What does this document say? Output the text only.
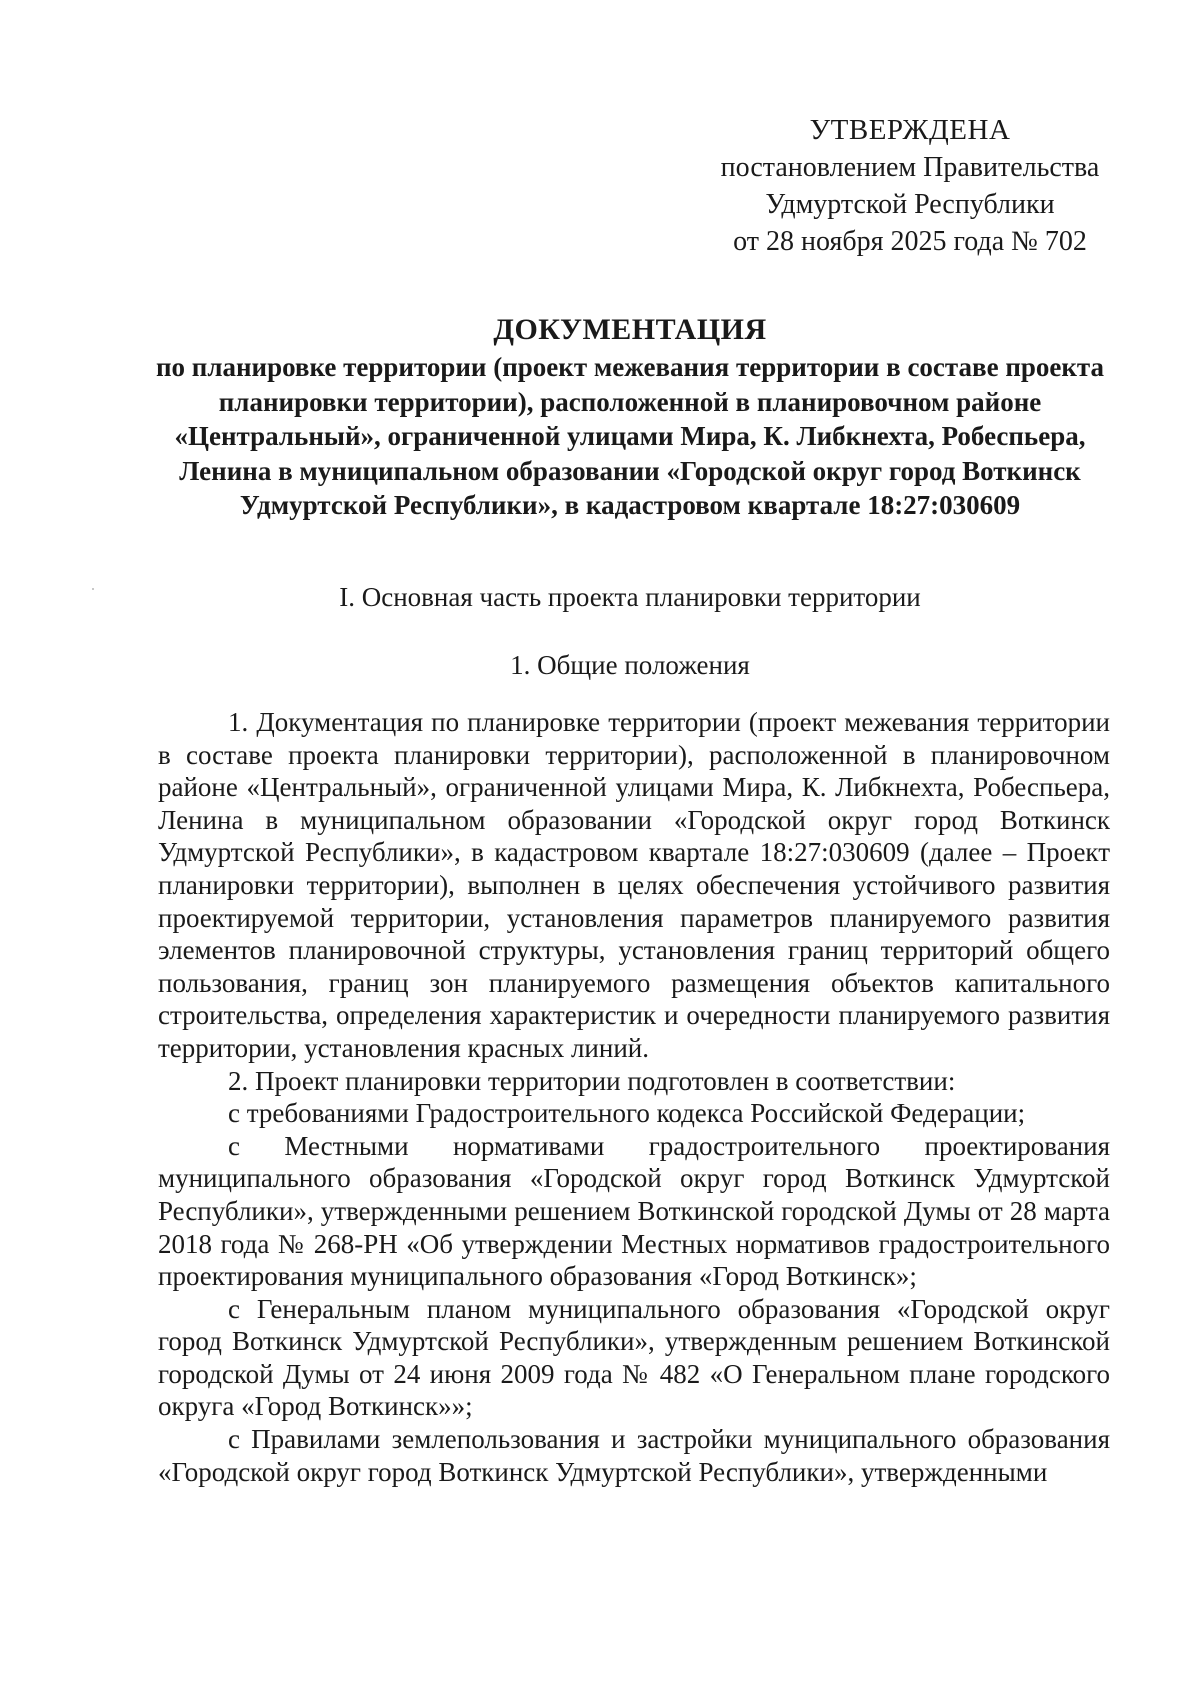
УТВЕРЖДЕНА
постановлением Правительства
Удмуртской Республики
от 28 ноября 2025 года № 702
ДОКУМЕНТАЦИЯ
по планировке территории (проект межевания территории в составе проекта планировки территории), расположенной в планировочном районе «Центральный», ограниченной улицами Мира, К. Либкнехта, Робеспьера, Ленина в муниципальном образовании «Городской округ город Воткинск Удмуртской Республики», в кадастровом квартале 18:27:030609
I. Основная часть проекта планировки территории
1. Общие положения

1. Документация по планировке территории (проект межевания территории в составе проекта планировки территории), расположенной в планировочном районе «Центральный», ограниченной улицами Мира, К. Либкнехта, Робеспьера, Ленина в муниципальном образовании «Городской округ город Воткинск Удмуртской Республики», в кадастровом квартале 18:27:030609 (далее – Проект планировки территории), выполнен в целях обеспечения устойчивого развития проектируемой территории, установления параметров планируемого развития элементов планировочной структуры, установления границ территорий общего пользования, границ зон планируемого размещения объектов капитального строительства, определения характеристик и очередности планируемого развития территории, установления красных линий.

2. Проект планировки территории подготовлен в соответствии:

с требованиями Градостроительного кодекса Российской Федерации;

с Местными нормативами градостроительного проектирования муниципального образования «Городской округ город Воткинск Удмуртской Республики», утвержденными решением Воткинской городской Думы от 28 марта 2018 года № 268-РН «Об утверждении Местных нормативов градостроительного проектирования муниципального образования «Город Воткинск»;

с Генеральным планом муниципального образования «Городской округ город Воткинск Удмуртской Республики», утвержденным решением Воткинской городской Думы от 24 июня 2009 года № 482 «О Генеральном плане городского округа «Город Воткинск»»;

с Правилами землепользования и застройки муниципального образования «Городской округ город Воткинск Удмуртской Республики», утвержденными
